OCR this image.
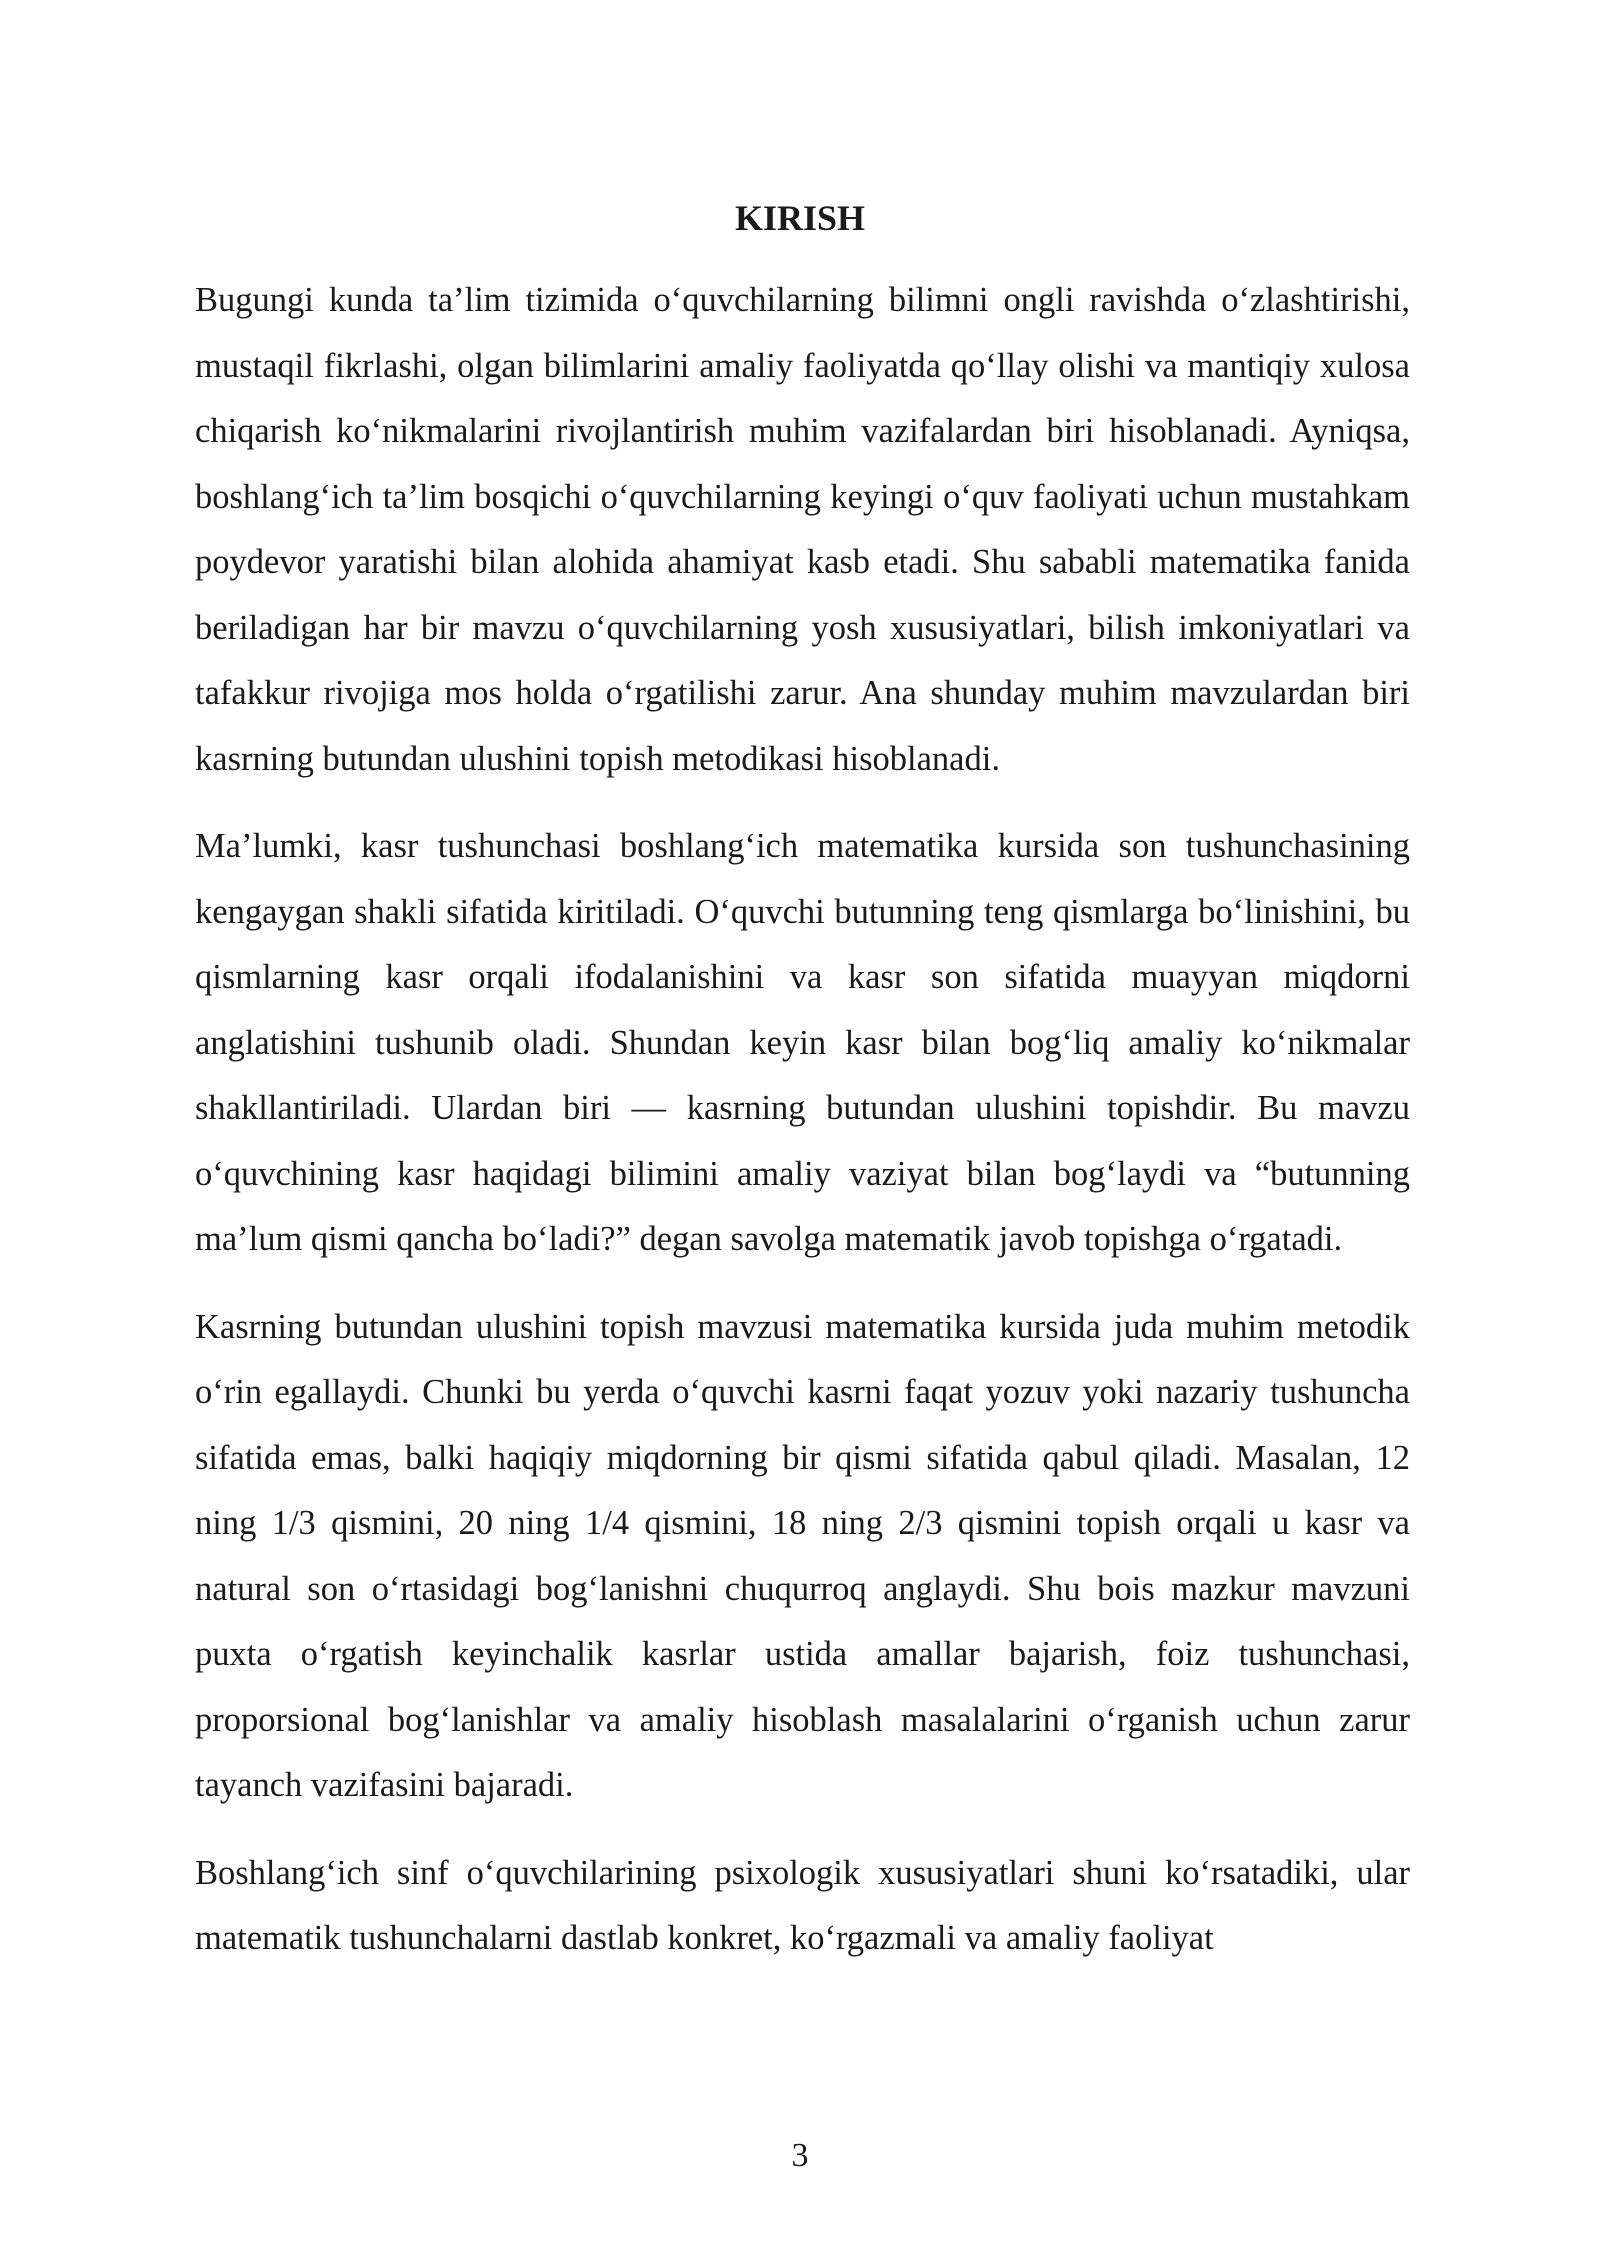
KIRISH

Bugungi kunda ta’lim tizimida o‘quvchilarning bilimni ongli ravishda o‘zlashtirishi, mustaqil fikrlashi, olgan bilimlarini amaliy faoliyatda qo‘llay olishi va mantiqiy xulosa chiqarish ko‘nikmalarini rivojlantirish muhim vazifalardan biri hisoblanadi. Ayniqsa, boshlang‘ich ta’lim bosqichi o‘quvchilarning keyingi o‘quv faoliyati uchun mustahkam poydevor yaratishi bilan alohida ahamiyat kasb etadi. Shu sababli matematika fanida beriladigan har bir mavzu o‘quvchilarning yosh xususiyatlari, bilish imkoniyatlari va tafakkur rivojiga mos holda o‘rgatilishi zarur. Ana shunday muhim mavzulardan biri kasrning butundan ulushini topish metodikasi hisoblanadi.

Ma’lumki, kasr tushunchasi boshlang‘ich matematika kursida son tushunchasining kengaygan shakli sifatida kiritiladi. O‘quvchi butunning teng qismlarga bo‘linishini, bu qismlarning kasr orqali ifodalanishini va kasr son sifatida muayyan miqdorni anglatishini tushunib oladi. Shundan keyin kasr bilan bog‘liq amaliy ko‘nikmalar shakllantiriladi. Ulardan biri — kasrning butundan ulushini topishdir. Bu mavzu o‘quvchining kasr haqidagi bilimini amaliy vaziyat bilan bog‘laydi va “butunning ma’lum qismi qancha bo‘ladi?” degan savolga matematik javob topishga o‘rgatadi.

Kasrning butundan ulushini topish mavzusi matematika kursida juda muhim metodik o‘rin egallaydi. Chunki bu yerda o‘quvchi kasrni faqat yozuv yoki nazariy tushuncha sifatida emas, balki haqiqiy miqdorning bir qismi sifatida qabul qiladi. Masalan, 12 ning 1/3 qismini, 20 ning 1/4 qismini, 18 ning 2/3 qismini topish orqali u kasr va natural son o‘rtasidagi bog‘lanishni chuqurroq anglaydi. Shu bois mazkur mavzuni puxta o‘rgatish keyinchalik kasrlar ustida amallar bajarish, foiz tushunchasi, proporsional bog‘lanishlar va amaliy hisoblash masalalarini o‘rganish uchun zarur tayanch vazifasini bajaradi.

Boshlang‘ich sinf o‘quvchilarining psixologik xususiyatlari shuni ko‘rsatadiki, ular matematik tushunchalarni dastlab konkret, ko‘rgazmali va amaliy faoliyat

3
